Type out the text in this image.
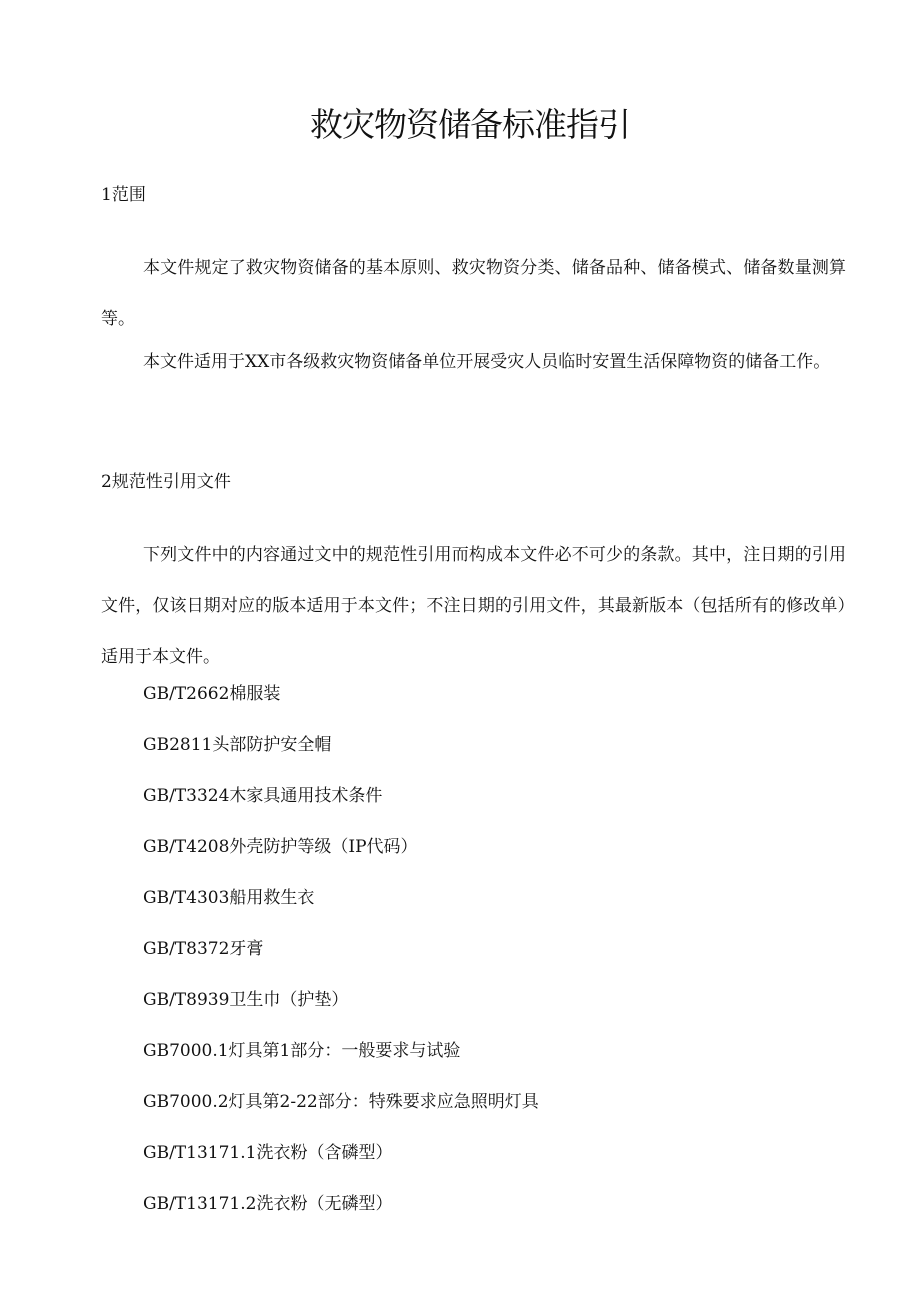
救灾物资储备标准指引
1范围

本文件规定了救灾物资储备的基本原则、救灾物资分类、储备品种、储备模式、储备数量测算等。

本文件适用于XX市各级救灾物资储备单位开展受灾人员临时安置生活保障物资的储备工作。

2规范性引用文件

下列文件中的内容通过文中的规范性引用而构成本文件必不可少的条款。其中，注日期的引用文件，仅该日期对应的版本适用于本文件；不注日期的引用文件，其最新版本（包括所有的修改单）适用于本文件。

GB/T2662棉服装
GB2811头部防护安全帽
GB/T3324木家具通用技术条件
GB/T4208外壳防护等级（IP代码）
GB/T4303船用救生衣
GB/T8372牙膏
GB/T8939卫生巾（护垫）
GB7000.1灯具第1部分：一般要求与试验
GB7000.2灯具第2-22部分：特殊要求应急照明灯具
GB/T13171.1洗衣粉（含磷型）
GB/T13171.2洗衣粉（无磷型）
